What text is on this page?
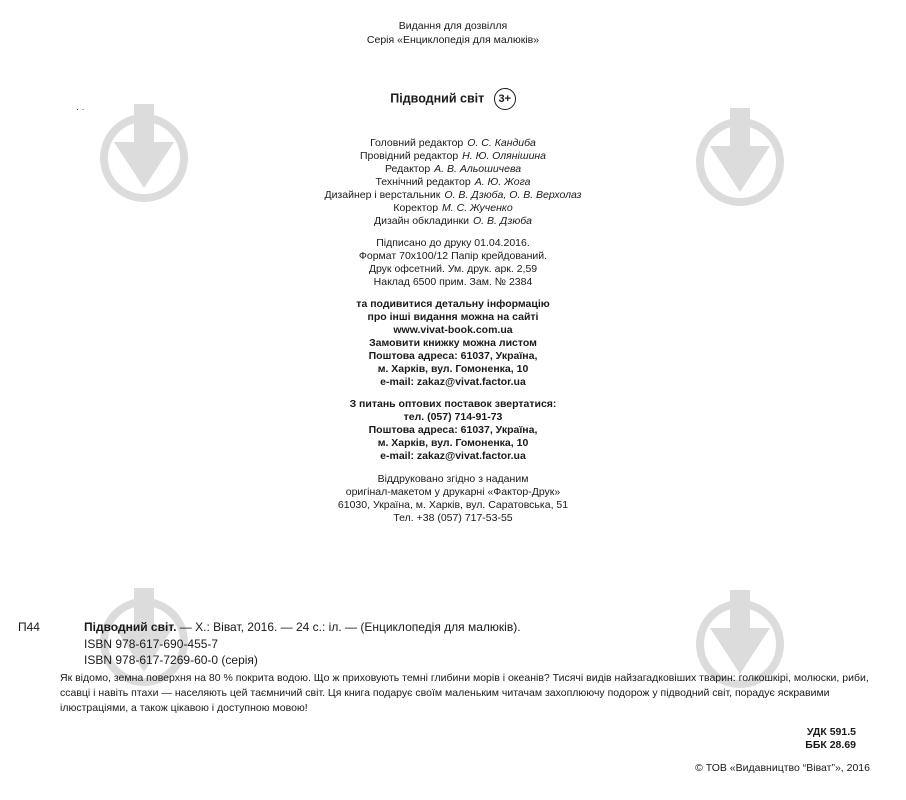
· ·
Видання для дозвілля
Серія «Енциклопедія для малюків»
Підводний світ 3+
Головний редактор О. С. Кандиба
Провідний редактор Н. Ю. Олянішина
Редактор А. В. Альошичева
Технічний редактор А. Ю. Жога
Дизайнер і верстальник О. В. Дзюба, О. В. Верхолаз
Коректор М. С. Жученко
Дизайн обкладинки О. В. Дзюба
Підписано до друку 01.04.2016.
Формат 70х100/12 Папір крейдований.
Друк офсетний. Ум. друк. арк. 2,59
Наклад 6500 прим. Зам. № 2384
та подивитися детальну інформацію
про інші видання можна на сайті
www.vivat-book.com.ua
Замовити книжку можна листом
Поштова адреса: 61037, Україна,
м. Харків, вул. Гомоненка, 10
e-mail: zakaz@vivat.factor.ua
З питань оптових поставок звертатися:
тел. (057) 714-91-73
Поштова адреса: 61037, Україна,
м. Харків, вул. Гомоненка, 10
e-mail: zakaz@vivat.factor.ua
Віддруковано згідно з наданим
оригінал-макетом у друкарні «Фактор-Друк»
61030, Україна, м. Харків, вул. Саратовська, 51
Тел. +38 (057) 717-53-55
П44	Підводний світ. — Х.: Віват, 2016. — 24 с.: іл. — (Енциклопедія для малюків).
ISBN 978-617-690-455-7
ISBN 978-617-7269-60-0 (серія)
Як відомо, земна поверхня на 80 % покрита водою. Що ж приховують темні глибини морів і океанів? Тисячі видів найзагадковіших тварин: голкошкірі, молюски, риби, ссавці і навіть птахи — населяють цей таємничий світ. Ця книга подарує своїм маленьким читачам захоплюючу подорож у підводний світ, порадує яскравими ілюстраціями, а також цікавою і доступною мовою!
УДК 591.5
ББК 28.69
© ТОВ «Видавництво “Віват”», 2016
